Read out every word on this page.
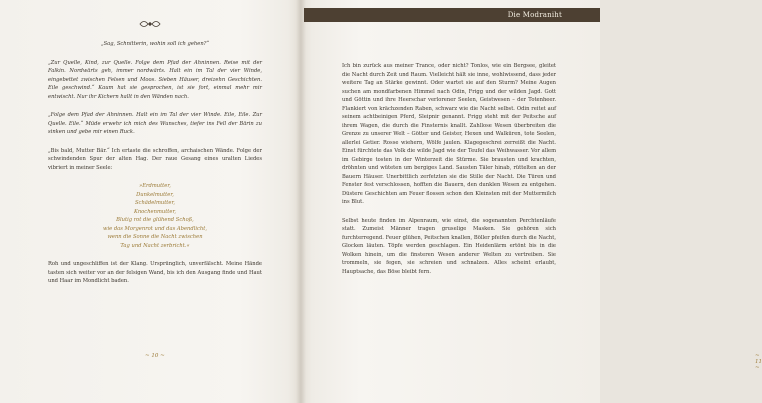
Die Modraniht

„Sag, Schnitterin, wohin soll ich gehen?“

„Zur Quelle, Kind, zur Quelle. Folge dem Pfad der Ahninnen. Reise mit der Falkin. Nordwärts geh, immer nordwärts. Halt ein im Tal der vier Winde, eingebettet zwischen Felsen und Moos. Sieben Häuser, dreizehn Geschichten. Eile geschwind.“ Kaum hat sie gesprochen, ist sie fort, einmal mehr mir entwischt. Nur ihr Kichern hallt in den Wänden nach.

„Folge dem Pfad der Ahninnen. Halt ein im Tal der vier Winde. Eile, Eile. Zur Quelle. Eile.“ Müde erwehr ich mich des Wunsches, tiefer ins Fell der Bärin zu sinken und gebe mir einen Ruck.

„Bis bald, Mutter Bär.“ Ich ertaste die schroffen, archaischen Wände. Folge der schwindenden Spur der alten Hag. Der raue Gesang eines uralten Liedes vibriert in meiner Seele:

»Erdmutter,
Dunkelmutter,
Schädelmutter,
Knochenmutter,
Blutig rot die glühend Schoß,
wie das Morgenrot und das Abendlicht,
wenn die Sonne die Nacht zwischen
Tag und Nacht zerbricht.«

Roh und ungeschliffen ist der Klang. Ursprünglich, unverfälscht. Meine Hände tasten sich weiter vor an der felsigen Wand, bis ich den Ausgang finde und Haut und Haar im Mondlicht baden.

~ 10 ~

Ich bin zurück aus meiner Trance, oder nicht? Tonlos, wie ein Bergsee, gleitet die Nacht durch Zeit und Raum. Vielleicht hält sie inne, wohlwissend, dass jeder weitere Tag an Stärke gewinnt. Oder wartet sie auf den Sturm? Meine Augen suchen am mondfarbenen Himmel nach Odin, Frigg und der wilden Jagd. Gott und Göttin und ihre Heerschar verlorener Seelen, Geistwesen – der Totenheer. Flankiert von krächzenden Raben, schwarz wie die Nacht selbst. Odin reitet auf seinem achtbeinigen Pferd, Sleipnir genannt. Frigg steht mit der Peitsche auf ihrem Wagen, die durch die Finsternis knallt. Zahllose Wesen überbreiten die Grenze zu unserer Welt – Götter und Geister, Hexen und Walküren, tote Seelen, allerlei Getier. Rosse wiehern, Wölfe jaulen. Klagegeschrei zerreißt die Nacht. Einst fürchtete das Volk die wilde Jagd wie der Teufel das Weihwasser. Vor allem im Gebirge tosten in der Winterzeit die Stürme. Sie brausten und krachten, dröhnten und wüteten um bergiges Land. Sausten Täler hinab, rüttelten an der Bauern Häuser. Unerbittlich zerfetzten sie die Stille der Nacht. Die Türen und Fenster fest verschlossen, hofften die Bauern, den dunklen Wesen zu entgehen. Düstere Geschichten am Feuer flossen schon den Kleinsten mit der Muttermilch ins Blut.

Selbst heute finden im Alpenraum, wie einst, die sogenannten Perchtenläufe statt. Zumeist Männer tragen gruselige Masken. Sie gehören sich furchterregend. Feuer glühen, Peitschen knallen, Böller pfeifen durch die Nacht, Glocken läuten. Töpfe werden geschlagen. Ein Heidenlärm ertönt bis in die Wolken hinein, um die finsteren Wesen anderer Welten zu vertreiben. Sie trommeln, sie fegen, sie schreien und schnalzen. Alles scheint erlaubt, Hauptsache, das Böse bleibt fern.

~ 11 ~
